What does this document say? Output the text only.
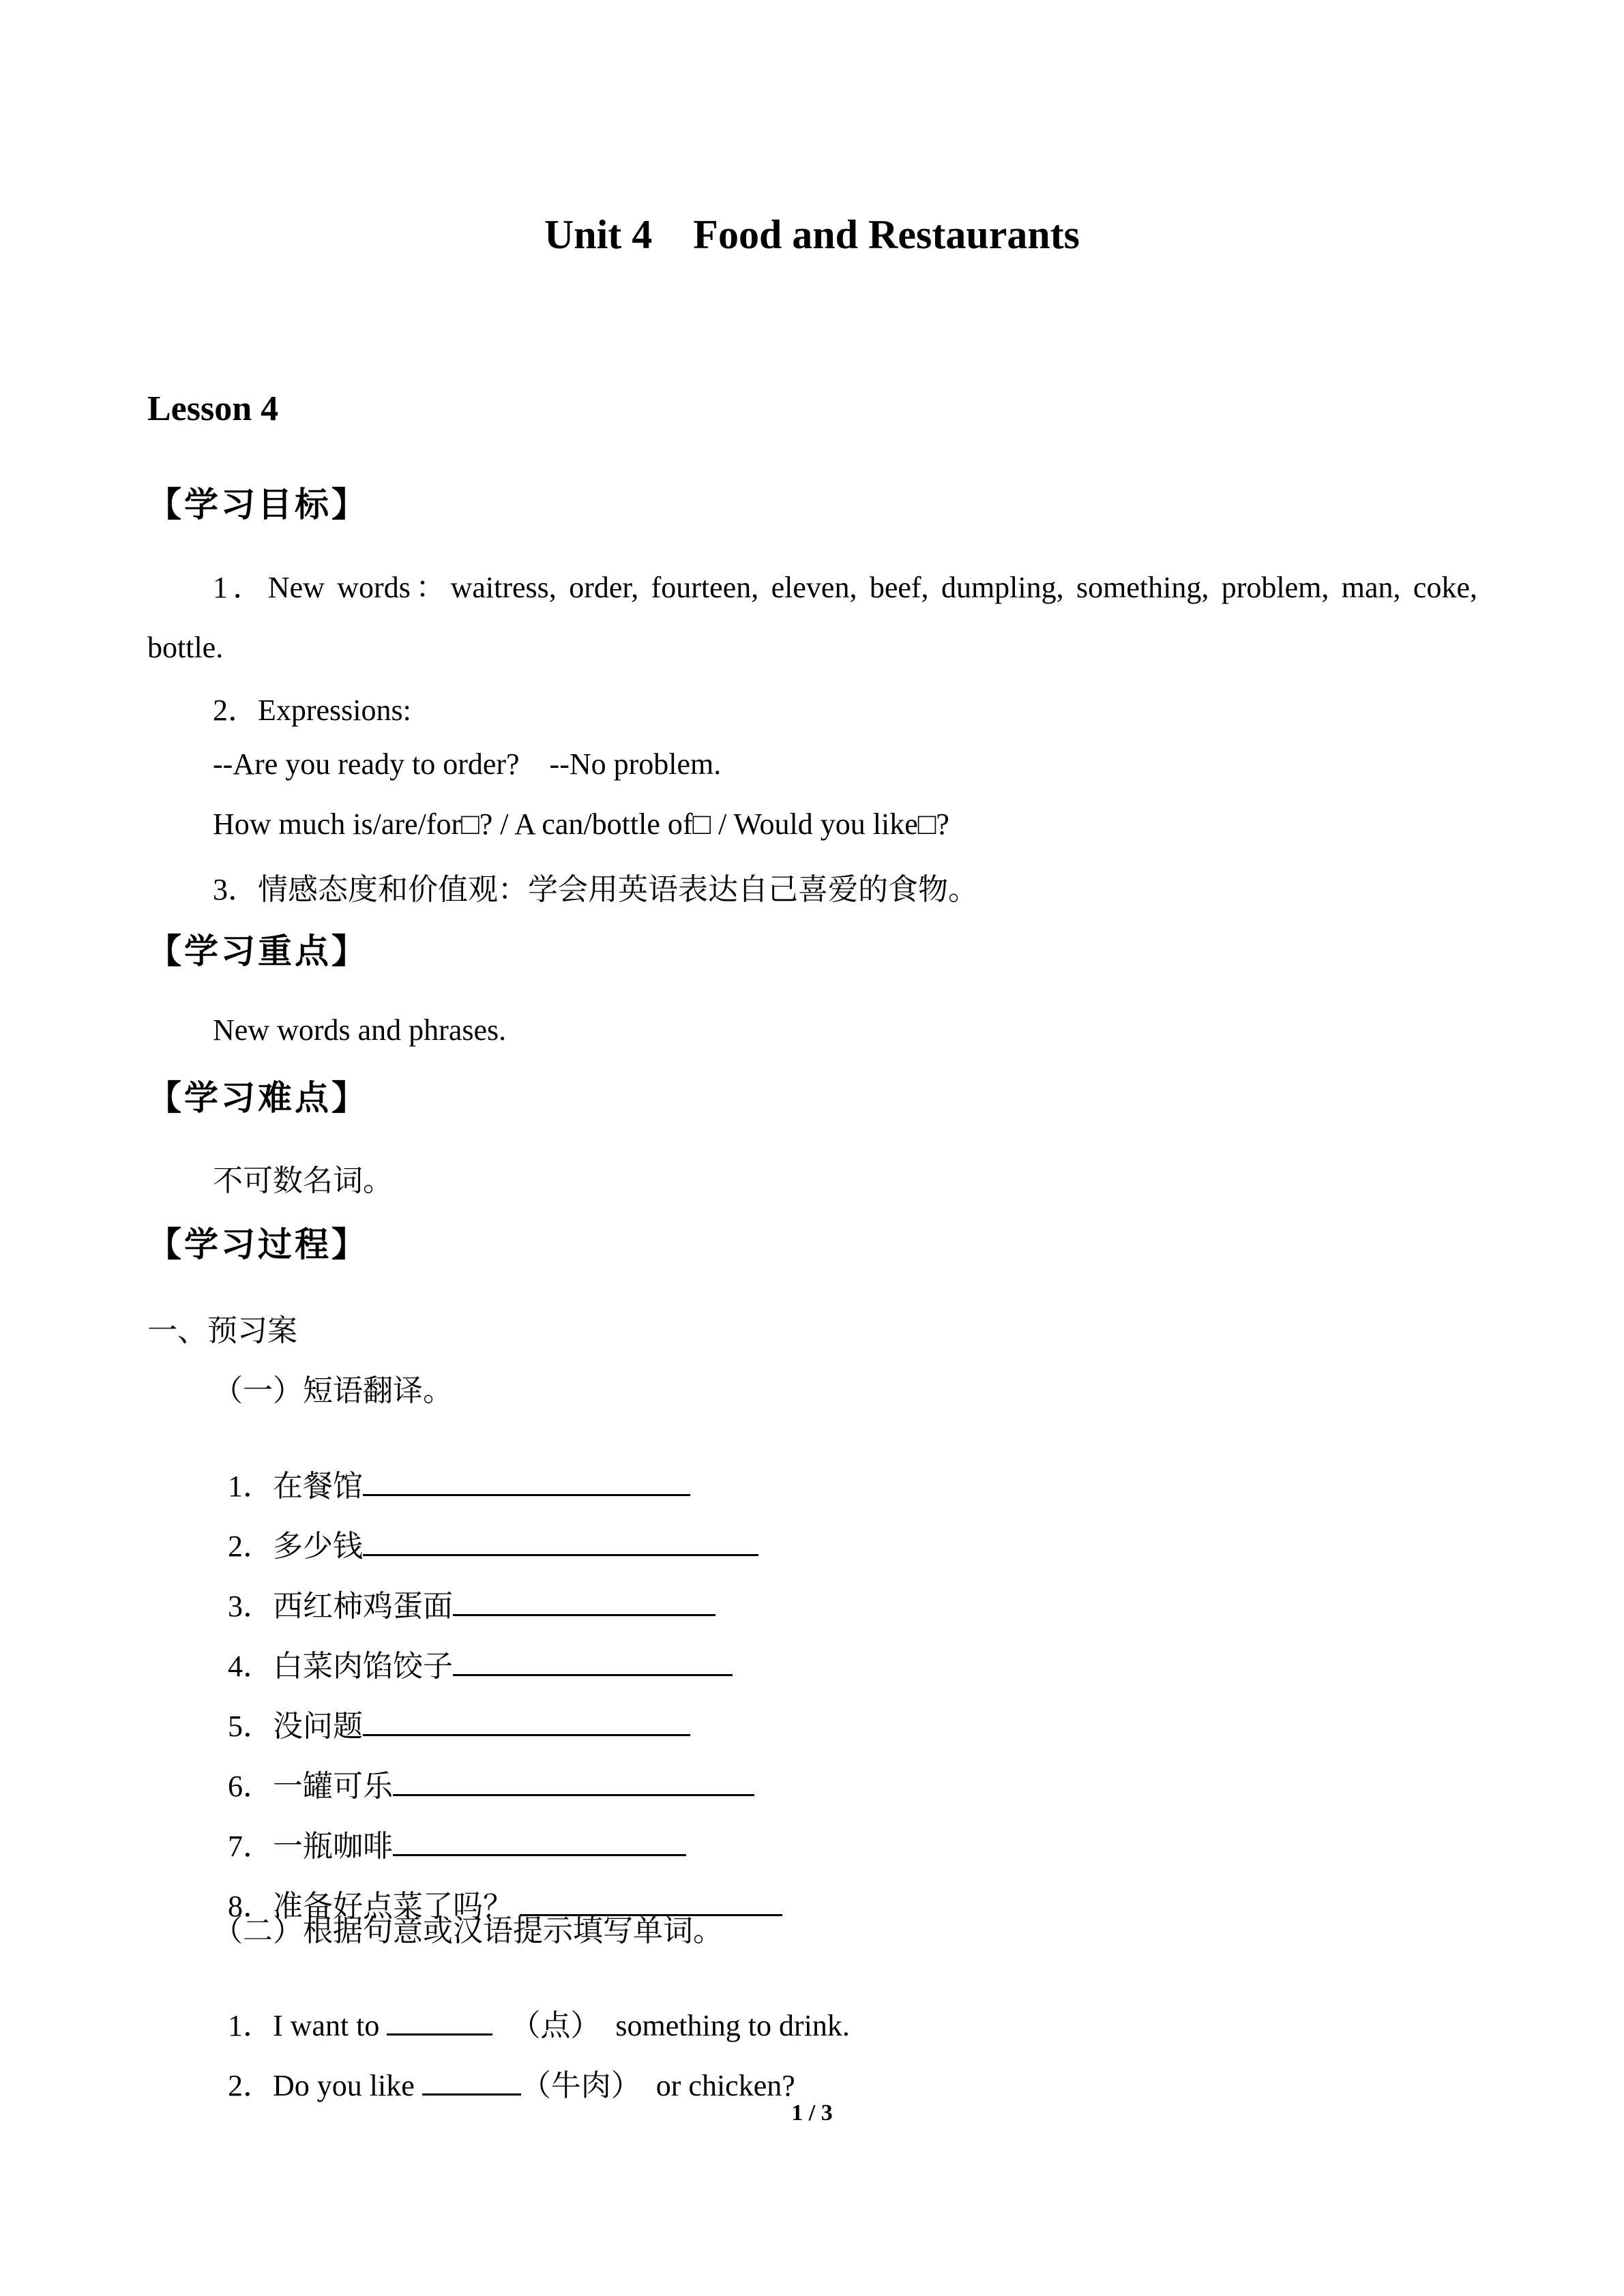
Unit 4    Food and Restaurants
Lesson 4
【学习目标】
1．New words：waitress, order, fourteen, eleven, beef, dumpling, something, problem, man, coke, bottle.
2．Expressions:
--Are you ready to order?    --No problem.
How much is/are/for□? / A can/bottle of□ / Would you like□?
3．情感态度和价值观：学会用英语表达自己喜爱的食物。
【学习重点】
New words and phrases.
【学习难点】
不可数名词。
【学习过程】
一、预习案
（一）短语翻译。

1．在餐馆

2．多少钱

3．西红柿鸡蛋面

4．白菜肉馅饺子

5．没问题

6．一罐可乐

7．一瓶咖啡

8．准备好点菜了吗？

（二）根据句意或汉语提示填写单词。

1．I want to	（点）  something to drink.

2．Do you like	（牛肉）  or chicken?

1 / 3
